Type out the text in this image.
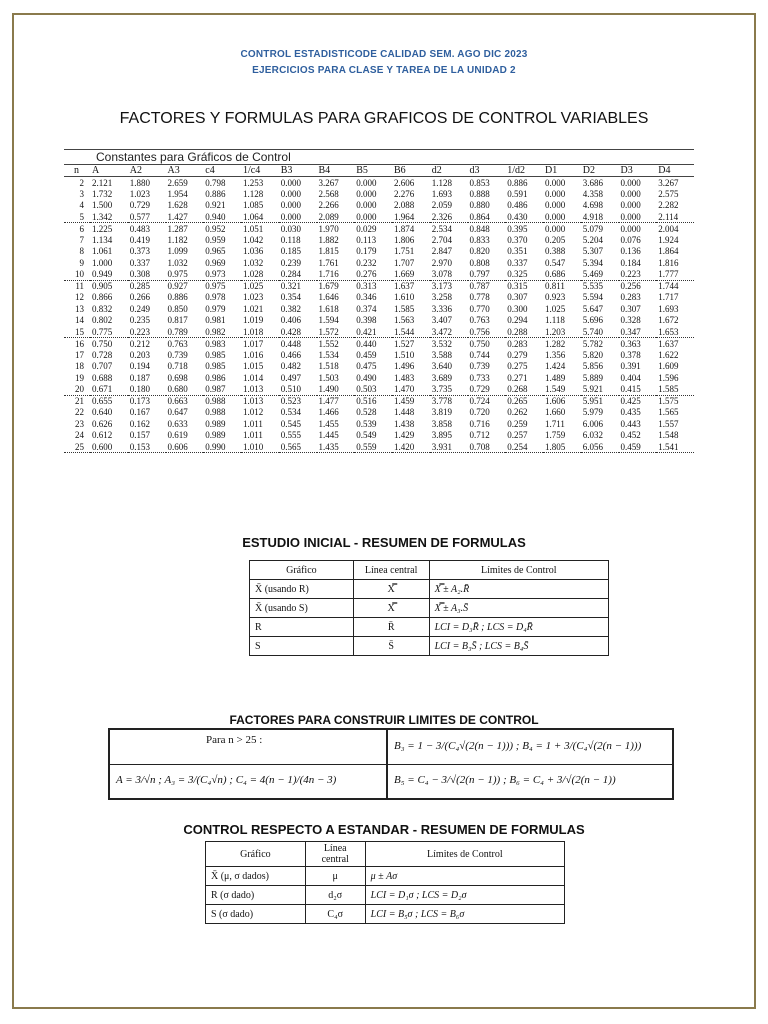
CONTROL ESTADISTICODE CALIDAD SEM. AGO DIC 2023
EJERCICIOS PARA CLASE Y TAREA DE LA UNIDAD 2
FACTORES Y FORMULAS PARA GRAFICOS DE CONTROL VARIABLES
Constantes para Gráficos de Control
n	A	A2	A3	c4	1/c4	B3	B4	B5	B6	d2	d3	1/d2	D1	D2	D3	D4
2	2.121	1.880	2.659	0.798	1.253	0.000	3.267	0.000	2.606	1.128	0.853	0.886	0.000	3.686	0.000	3.267
3	1.732	1.023	1.954	0.886	1.128	0.000	2.568	0.000	2.276	1.693	0.888	0.591	0.000	4.358	0.000	2.575
4	1.500	0.729	1.628	0.921	1.085	0.000	2.266	0.000	2.088	2.059	0.880	0.486	0.000	4.698	0.000	2.282
5	1.342	0.577	1.427	0.940	1.064	0.000	2.089	0.000	1.964	2.326	0.864	0.430	0.000	4.918	0.000	2.114
6	1.225	0.483	1.287	0.952	1.051	0.030	1.970	0.029	1.874	2.534	0.848	0.395	0.000	5.079	0.000	2.004
7	1.134	0.419	1.182	0.959	1.042	0.118	1.882	0.113	1.806	2.704	0.833	0.370	0.205	5.204	0.076	1.924
8	1.061	0.373	1.099	0.965	1.036	0.185	1.815	0.179	1.751	2.847	0.820	0.351	0.388	5.307	0.136	1.864
9	1.000	0.337	1.032	0.969	1.032	0.239	1.761	0.232	1.707	2.970	0.808	0.337	0.547	5.394	0.184	1.816
10	0.949	0.308	0.975	0.973	1.028	0.284	1.716	0.276	1.669	3.078	0.797	0.325	0.686	5.469	0.223	1.777
11	0.905	0.285	0.927	0.975	1.025	0.321	1.679	0.313	1.637	3.173	0.787	0.315	0.811	5.535	0.256	1.744
12	0.866	0.266	0.886	0.978	1.023	0.354	1.646	0.346	1.610	3.258	0.778	0.307	0.923	5.594	0.283	1.717
13	0.832	0.249	0.850	0.979	1.021	0.382	1.618	0.374	1.585	3.336	0.770	0.300	1.025	5.647	0.307	1.693
14	0.802	0.235	0.817	0.981	1.019	0.406	1.594	0.398	1.563	3.407	0.763	0.294	1.118	5.696	0.328	1.672
15	0.775	0.223	0.789	0.982	1.018	0.428	1.572	0.421	1.544	3.472	0.756	0.288	1.203	5.740	0.347	1.653
16	0.750	0.212	0.763	0.983	1.017	0.448	1.552	0.440	1.527	3.532	0.750	0.283	1.282	5.782	0.363	1.637
17	0.728	0.203	0.739	0.985	1.016	0.466	1.534	0.459	1.510	3.588	0.744	0.279	1.356	5.820	0.378	1.622
18	0.707	0.194	0.718	0.985	1.015	0.482	1.518	0.475	1.496	3.640	0.739	0.275	1.424	5.856	0.391	1.609
19	0.688	0.187	0.698	0.986	1.014	0.497	1.503	0.490	1.483	3.689	0.733	0.271	1.489	5.889	0.404	1.596
20	0.671	0.180	0.680	0.987	1.013	0.510	1.490	0.503	1.470	3.735	0.729	0.268	1.549	5.921	0.415	1.585
21	0.655	0.173	0.663	0.988	1.013	0.523	1.477	0.516	1.459	3.778	0.724	0.265	1.606	5.951	0.425	1.575
22	0.640	0.167	0.647	0.988	1.012	0.534	1.466	0.528	1.448	3.819	0.720	0.262	1.660	5.979	0.435	1.565
23	0.626	0.162	0.633	0.989	1.011	0.545	1.455	0.539	1.438	3.858	0.716	0.259	1.711	6.006	0.443	1.557
24	0.612	0.157	0.619	0.989	1.011	0.555	1.445	0.549	1.429	3.895	0.712	0.257	1.759	6.032	0.452	1.548
25	0.600	0.153	0.606	0.990	1.010	0.565	1.435	0.559	1.420	3.931	0.708	0.254	1.805	6.056	0.459	1.541
ESTUDIO INICIAL - RESUMEN DE FORMULAS
Gráfico	Línea central	Límites de Control
X̄ (usando R)	X̿	X̿ ± A₂.R̄
X̄ (usando S)	X̿	X̿ ± A₃.S̄
R	R̄	LCI = D₃R̄ ; LCS = D₄R̄
S	S̄	LCI = B₃S̄ ; LCS = B₄S̄
FACTORES PARA CONSTRUIR LIMITES DE CONTROL
Para n > 25 :
A = 3/√n ; A₃ = 3/(C₄√n) ; C₄ = 4(n − 1)/(4n − 3)
B₃ = 1 − 3/(C₄√(2(n − 1))) ; B₄ = 1 + 3/(C₄√(2(n − 1)))
B₅ = C₄ − 3/√(2(n − 1)) ; B₆ = C₄ + 3/√(2(n − 1))
CONTROL RESPECTO A ESTANDAR - RESUMEN DE FORMULAS
Gráfico	Línea central	Límites de Control
X̄ (μ, σ dados)	μ	μ ± Aσ
R (σ dado)	d₂σ	LCI = D₁σ ; LCS = D₂σ
S (σ dado)	C₄σ	LCI = B₅σ ; LCS = B₆σ
